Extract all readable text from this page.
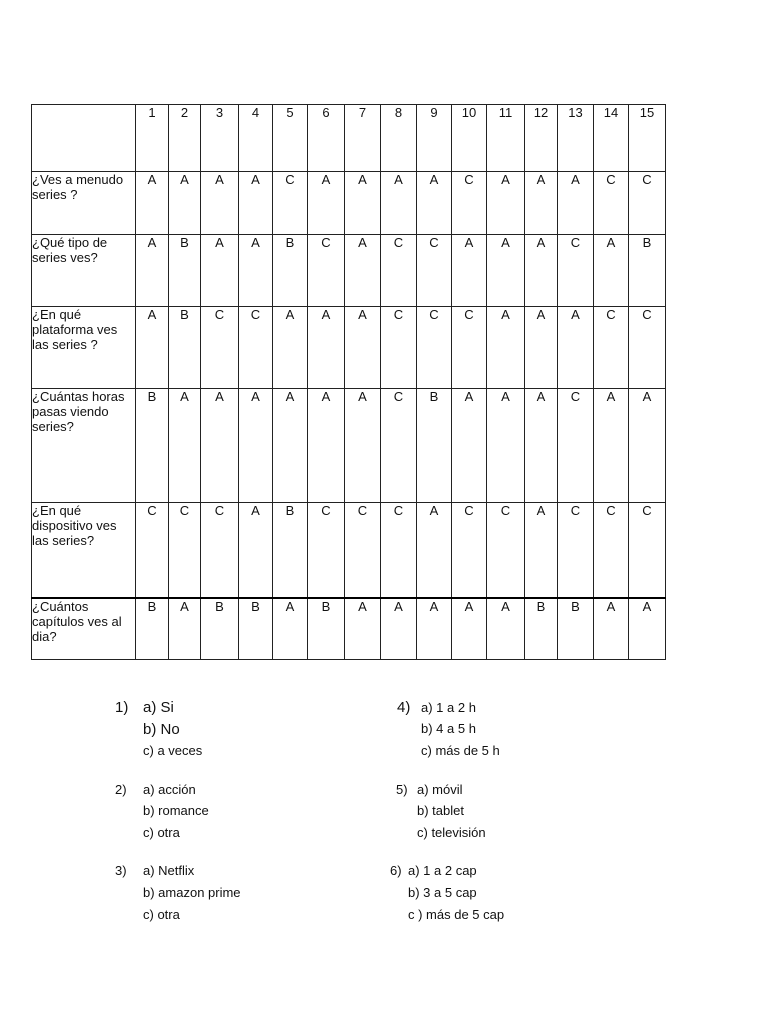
	1	2	3	4	5	6	7	8	9	10	11	12	13	14	15
¿Ves a menudo series ?	A	A	A	A	C	A	A	A	A	C	A	A	A	C	C
¿Qué tipo de series ves?	A	B	A	A	B	C	A	C	C	A	A	A	C	A	B
¿En qué plataforma ves las series ?	A	B	C	C	A	A	A	C	C	C	A	A	A	C	C
¿Cuántas horas pasas viendo series?	B	A	A	A	A	A	A	C	B	A	A	A	C	A	A
¿En qué dispositivo ves las series?	C	C	C	A	B	C	C	C	A	C	C	A	C	C	C
¿Cuántos capítulos ves al dia?	B	A	B	B	A	B	A	A	A	A	A	B	B	A	A
1) a) Si
b) No
c) a veces
2) a) acción
b) romance
c) otra
3) a) Netflix
b) amazon prime
c) otra
4) a) 1 a 2 h
b) 4 a 5 h
c) más de 5 h
5) a) móvil
b) tablet
c) televisión
6) a) 1 a 2 cap
b) 3 a 5 cap
c ) más de 5 cap
